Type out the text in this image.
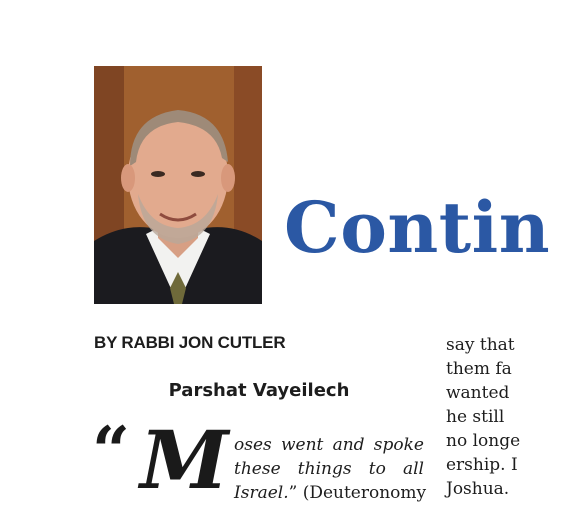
Contin
BY RABBI JON CUTLER
Parshat Vayeilech
“ M oses went and spoke
these things to all
Israel.” (Deuteronomy
say that
them fa
wanted
he still
no longe
ership. I
Joshua.
